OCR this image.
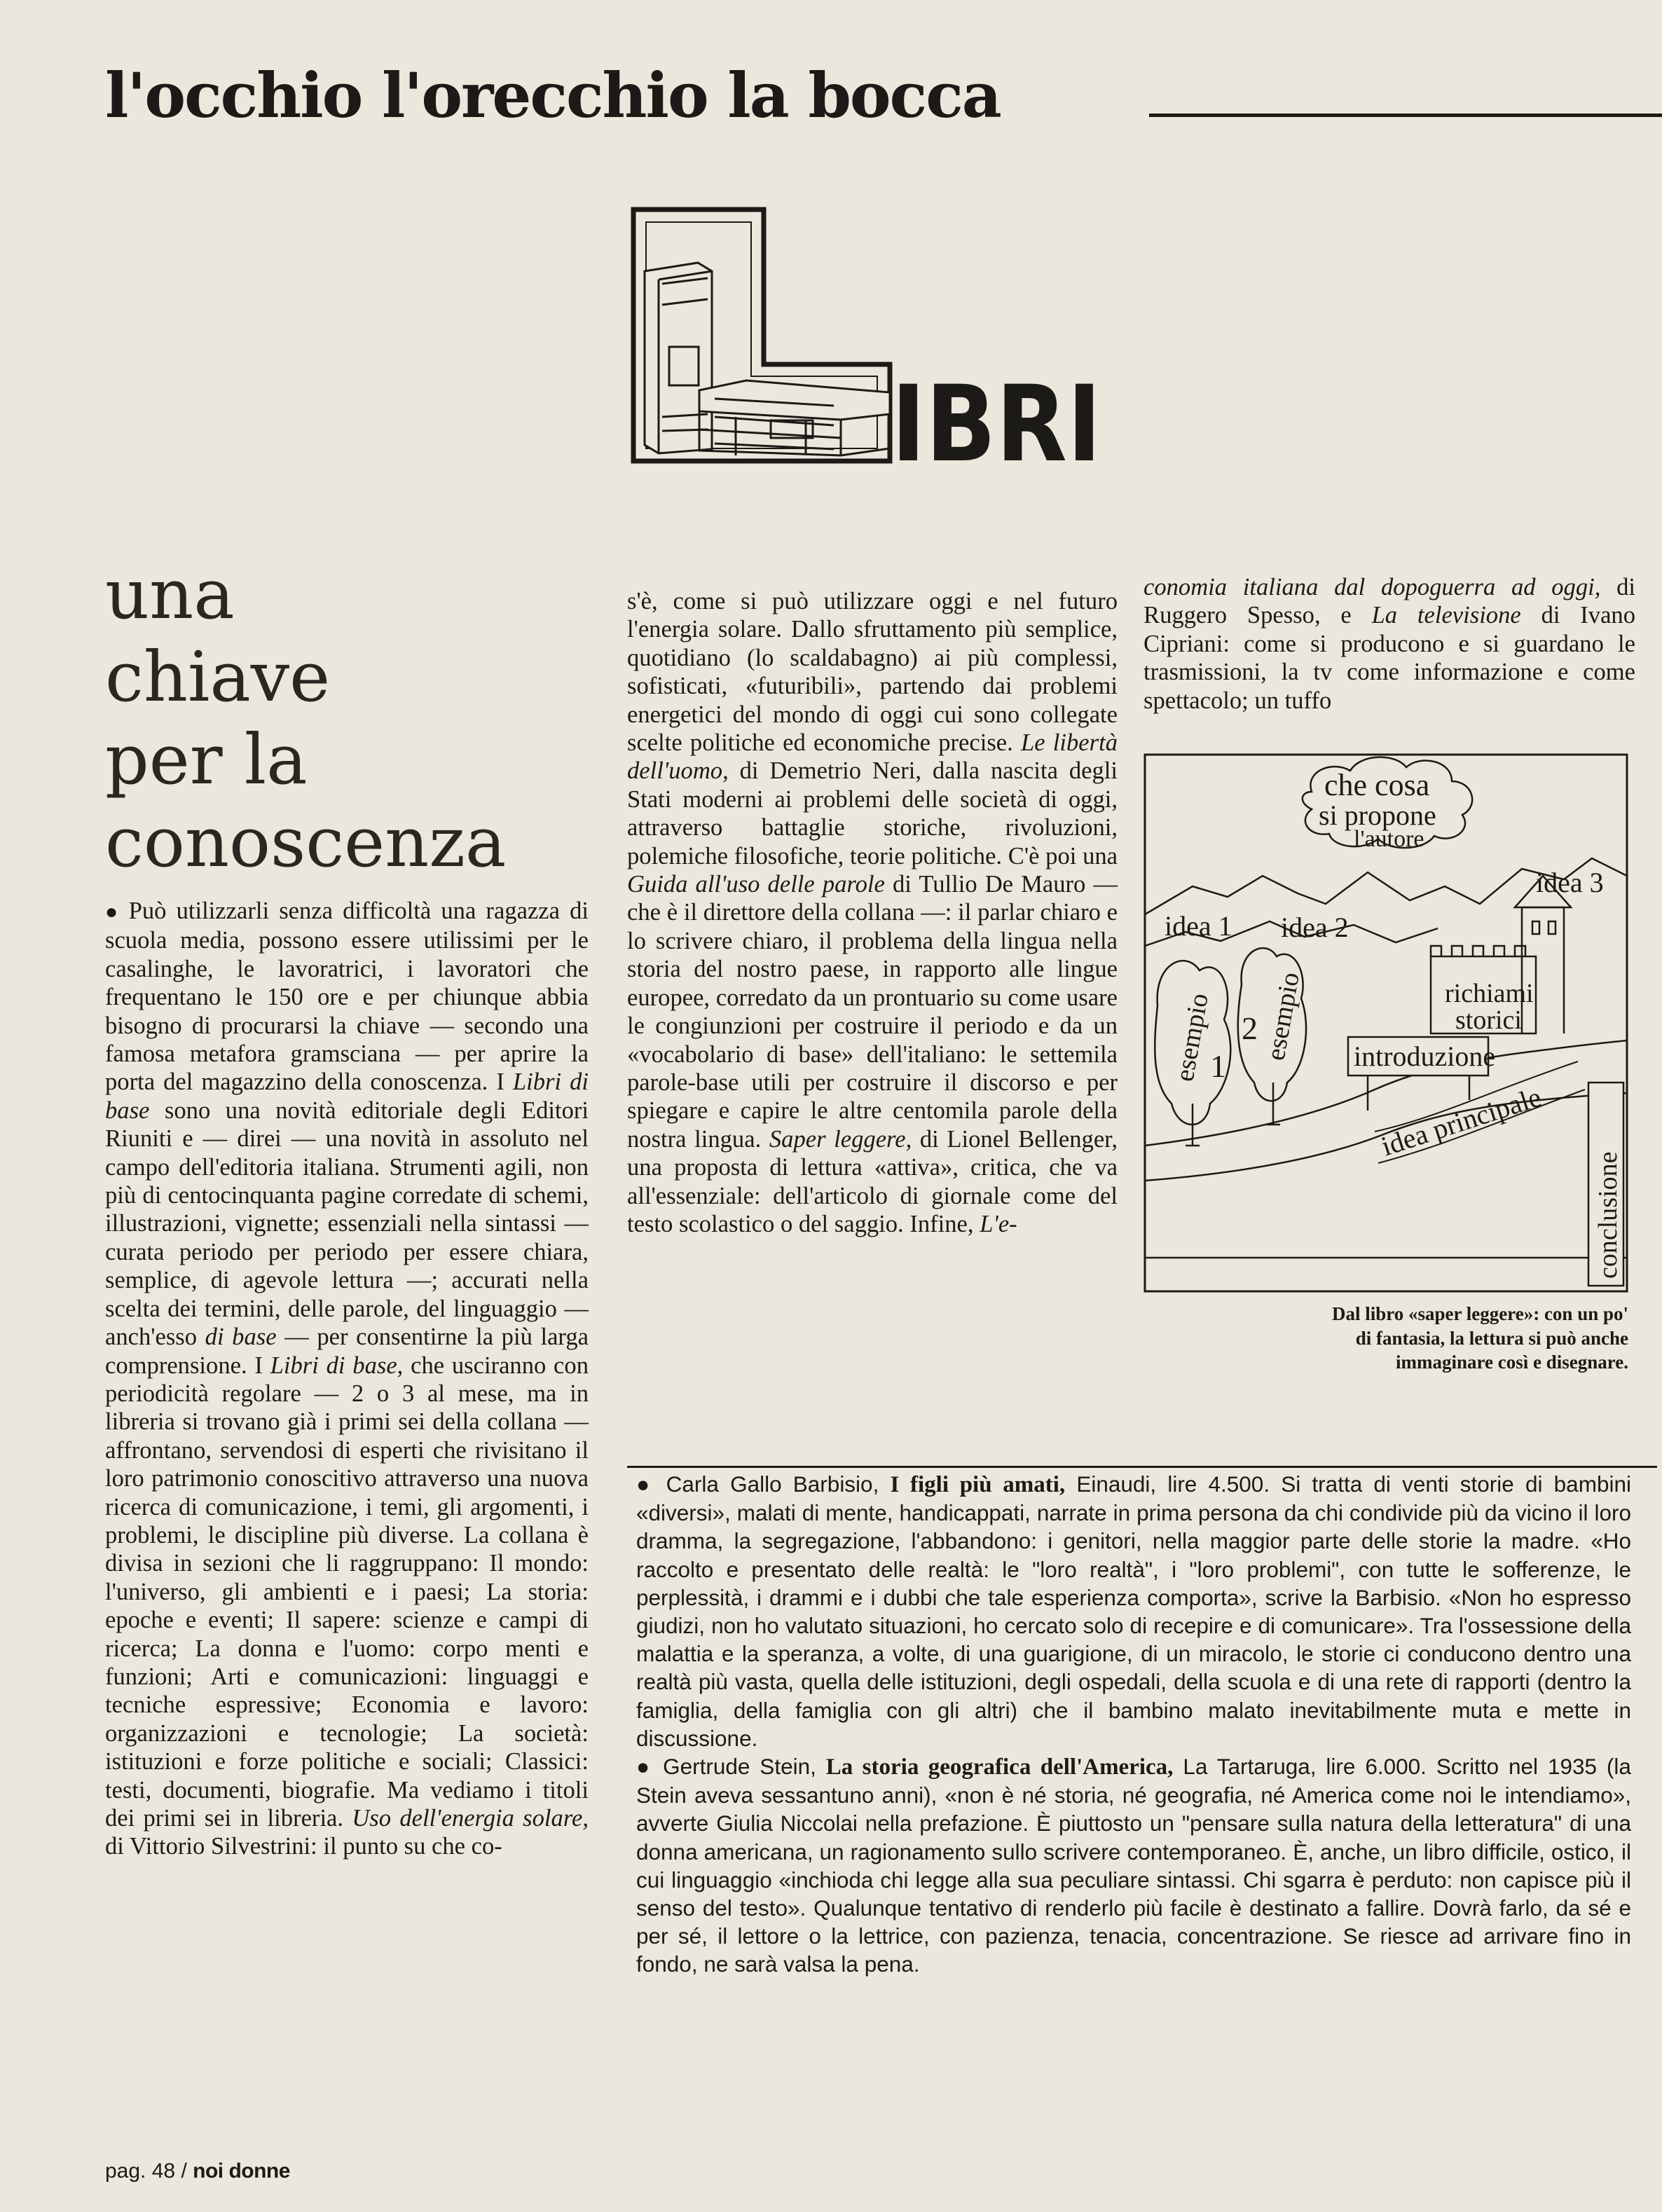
l'occhio l'orecchio la bocca
IBRI
una
chiave
per la
conoscenza

● Può utilizzarli senza difficoltà una ragazza di scuola media, possono essere utilissimi per le casalinghe, le lavoratrici, i lavoratori che frequentano le 150 ore e per chiunque abbia bisogno di procurarsi la chiave — secondo una famosa metafora gramsciana — per aprire la porta del magazzino della conoscenza. I Libri di base sono una novità editoriale degli Editori Riuniti e — direi — una novità in assoluto nel campo dell'editoria italiana. Strumenti agili, non più di centocinquanta pagine corredate di schemi, illustrazioni, vignette; essenziali nella sintassi — curata periodo per periodo per essere chiara, semplice, di agevole lettura —; accurati nella scelta dei termini, delle parole, del linguaggio — anch'esso di base — per consentirne la più larga comprensione. I Libri di base, che usciranno con periodicità regolare — 2 o 3 al mese, ma in libreria si trovano già i primi sei della collana — affrontano, servendosi di esperti che rivisitano il loro patrimonio conoscitivo attraverso una nuova ricerca di comunicazione, i temi, gli argomenti, i problemi, le discipline più diverse. La collana è divisa in sezioni che li raggruppano: Il mondo: l'universo, gli ambienti e i paesi; La storia: epoche e eventi; Il sapere: scienze e campi di ricerca; La donna e l'uomo: corpo menti e funzioni; Arti e comunicazioni: linguaggi e tecniche espressive; Economia e lavoro: organizzazioni e tecnologie; La società: istituzioni e forze politiche e sociali; Classici: testi, documenti, biografie. Ma vediamo i titoli dei primi sei in libreria. Uso dell'energia solare, di Vittorio Silvestrini: il punto su che co-

s'è, come si può utilizzare oggi e nel futuro l'energia solare. Dallo sfruttamento più semplice, quotidiano (lo scaldabagno) ai più complessi, sofisticati, «futuribili», partendo dai problemi energetici del mondo di oggi cui sono collegate scelte politiche ed economiche precise. Le libertà dell'uomo, di Demetrio Neri, dalla nascita degli Stati moderni ai problemi delle società di oggi, attraverso battaglie storiche, rivoluzioni, polemiche filosofiche, teorie politiche. C'è poi una Guida all'uso delle parole di Tullio De Mauro — che è il direttore della collana —: il parlar chiaro e lo scrivere chiaro, il problema della lingua nella storia del nostro paese, in rapporto alle lingue europee, corredato da un prontuario su come usare le congiunzioni per costruire il periodo e da un «vocabolario di base» dell'italiano: le settemila parole-base utili per costruire il discorso e per spiegare e capire le altre centomila parole della nostra lingua. Saper leggere, di Lionel Bellenger, una proposta di lettura «attiva», critica, che va all'essenziale: dell'articolo di giornale come del testo scolastico o del saggio. Infine, L'e-

conomia italiana dal dopoguerra ad oggi, di Ruggero Spesso, e La televisione di Ivano Cipriani: come si producono e si guardano le trasmissioni, la tv come informazione e come spettacolo; un tuffo

che cosa
si propone
l'autore
idea 1 idea 2
idea 3
esempio
1
2 esempio	richiami
storici
introduzione
idea principale
conclusione
Dal libro «saper leggere»: con un po' di fantasia, la lettura si può anche immaginare così e disegnare.

● Carla Gallo Barbisio, I figli più amati, Einaudi, lire 4.500. Si tratta di venti storie di bambini «diversi», malati di mente, handicappati, narrate in prima persona da chi condivide più da vicino il loro dramma, la segregazione, l'abbandono: i genitori, nella maggior parte delle storie la madre. «Ho raccolto e presentato delle realtà: le "loro realtà", i "loro problemi", con tutte le sofferenze, le perplessità, i drammi e i dubbi che tale esperienza comporta», scrive la Barbisio. «Non ho espresso giudizi, non ho valutato situazioni, ho cercato solo di recepire e di comunicare». Tra l'ossessione della malattia e la speranza, a volte, di una guarigione, di un miracolo, le storie ci conducono dentro una realtà più vasta, quella delle istituzioni, degli ospedali, della scuola e di una rete di rapporti (dentro la famiglia, della famiglia con gli altri) che il bambino malato inevitabilmente muta e mette in discussione.

● Gertrude Stein, La storia geografica dell'America, La Tartaruga, lire 6.000. Scritto nel 1935 (la Stein aveva sessantuno anni), «non è né storia, né geografia, né America come noi le intendiamo», avverte Giulia Niccolai nella prefazione. È piuttosto un "pensare sulla natura della letteratura" di una donna americana, un ragionamento sullo scrivere contemporaneo. È, anche, un libro difficile, ostico, il cui linguaggio «inchioda chi legge alla sua peculiare sintassi. Chi sgarra è perduto: non capisce più il senso del testo». Qualunque tentativo di renderlo più facile è destinato a fallire. Dovrà farlo, da sé e per sé, il lettore o la lettrice, con pazienza, tenacia, concentrazione. Se riesce ad arrivare fino in fondo, ne sarà valsa la pena.

pag. 48 / noi donne
